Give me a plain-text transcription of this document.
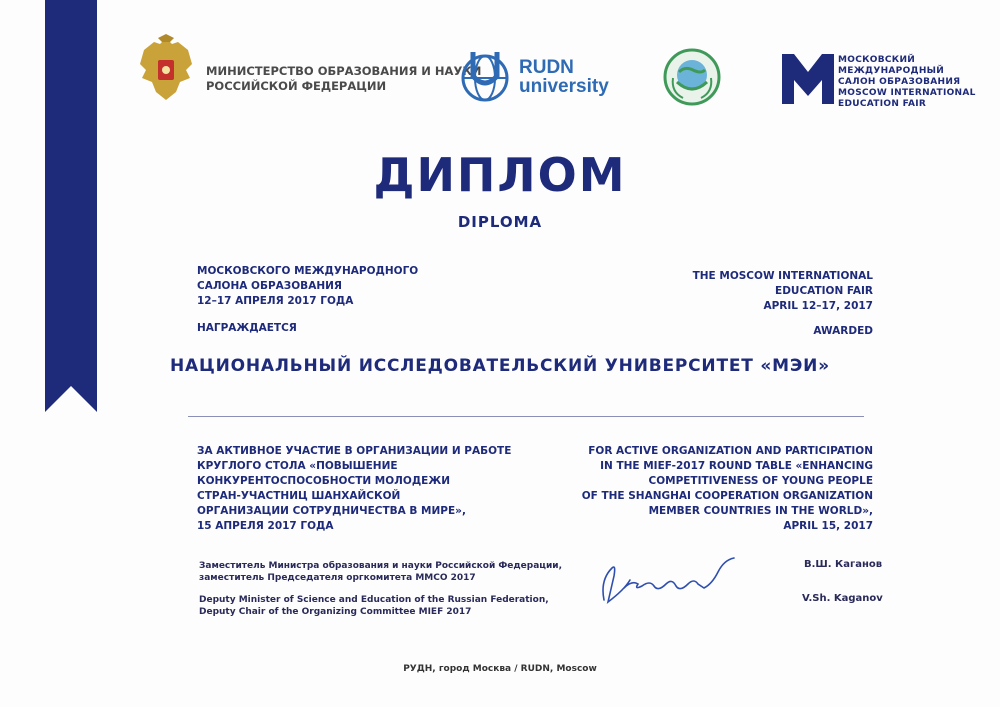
МИНИСТЕРСТВО ОБРАЗОВАНИЯ И НАУКИ
РОССИЙСКОЙ ФЕДЕРАЦИИ
RUDN
university
МОСКОВСКИЙ
МЕЖДУНАРОДНЫЙ
САЛОН ОБРАЗОВАНИЯ
MOSCOW INTERNATIONAL
EDUCATION FAIR
ДИПЛОМ
DIPLOMA
МОСКОВСКОГО МЕЖДУНАРОДНОГО
САЛОНА ОБРАЗОВАНИЯ
12–17 АПРЕЛЯ 2017 ГОДА
НАГРАЖДАЕТСЯ
THE MOSCOW INTERNATIONAL
EDUCATION FAIR
APRIL 12–17, 2017
AWARDED
НАЦИОНАЛЬНЫЙ ИССЛЕДОВАТЕЛЬСКИЙ УНИВЕРСИТЕТ «МЭИ»
ЗА АКТИВНОЕ УЧАСТИЕ В ОРГАНИЗАЦИИ И РАБОТЕ
КРУГЛОГО СТОЛА «ПОВЫШЕНИЕ
КОНКУРЕНТОСПОСОБНОСТИ МОЛОДЕЖИ
СТРАН-УЧАСТНИЦ ШАНХАЙСКОЙ
ОРГАНИЗАЦИИ СОТРУДНИЧЕСТВА В МИРЕ»,
15 АПРЕЛЯ 2017 ГОДА
FOR ACTIVE ORGANIZATION AND PARTICIPATION
IN THE MIEF-2017 ROUND TABLE «ENHANCING
COMPETITIVENESS OF YOUNG PEOPLE
OF THE SHANGHAI COOPERATION ORGANIZATION
MEMBER COUNTRIES IN THE WORLD»,
APRIL 15, 2017
Заместитель Министра образования и науки Российской Федерации,
заместитель Председателя оргкомитета ММСО 2017
Deputy Minister of Science and Education of the Russian Federation,
Deputy Chair of the Organizing Committee MIEF 2017
В.Ш. Каганов
V.Sh. Kaganov
РУДН, город Москва / RUDN, Moscow
